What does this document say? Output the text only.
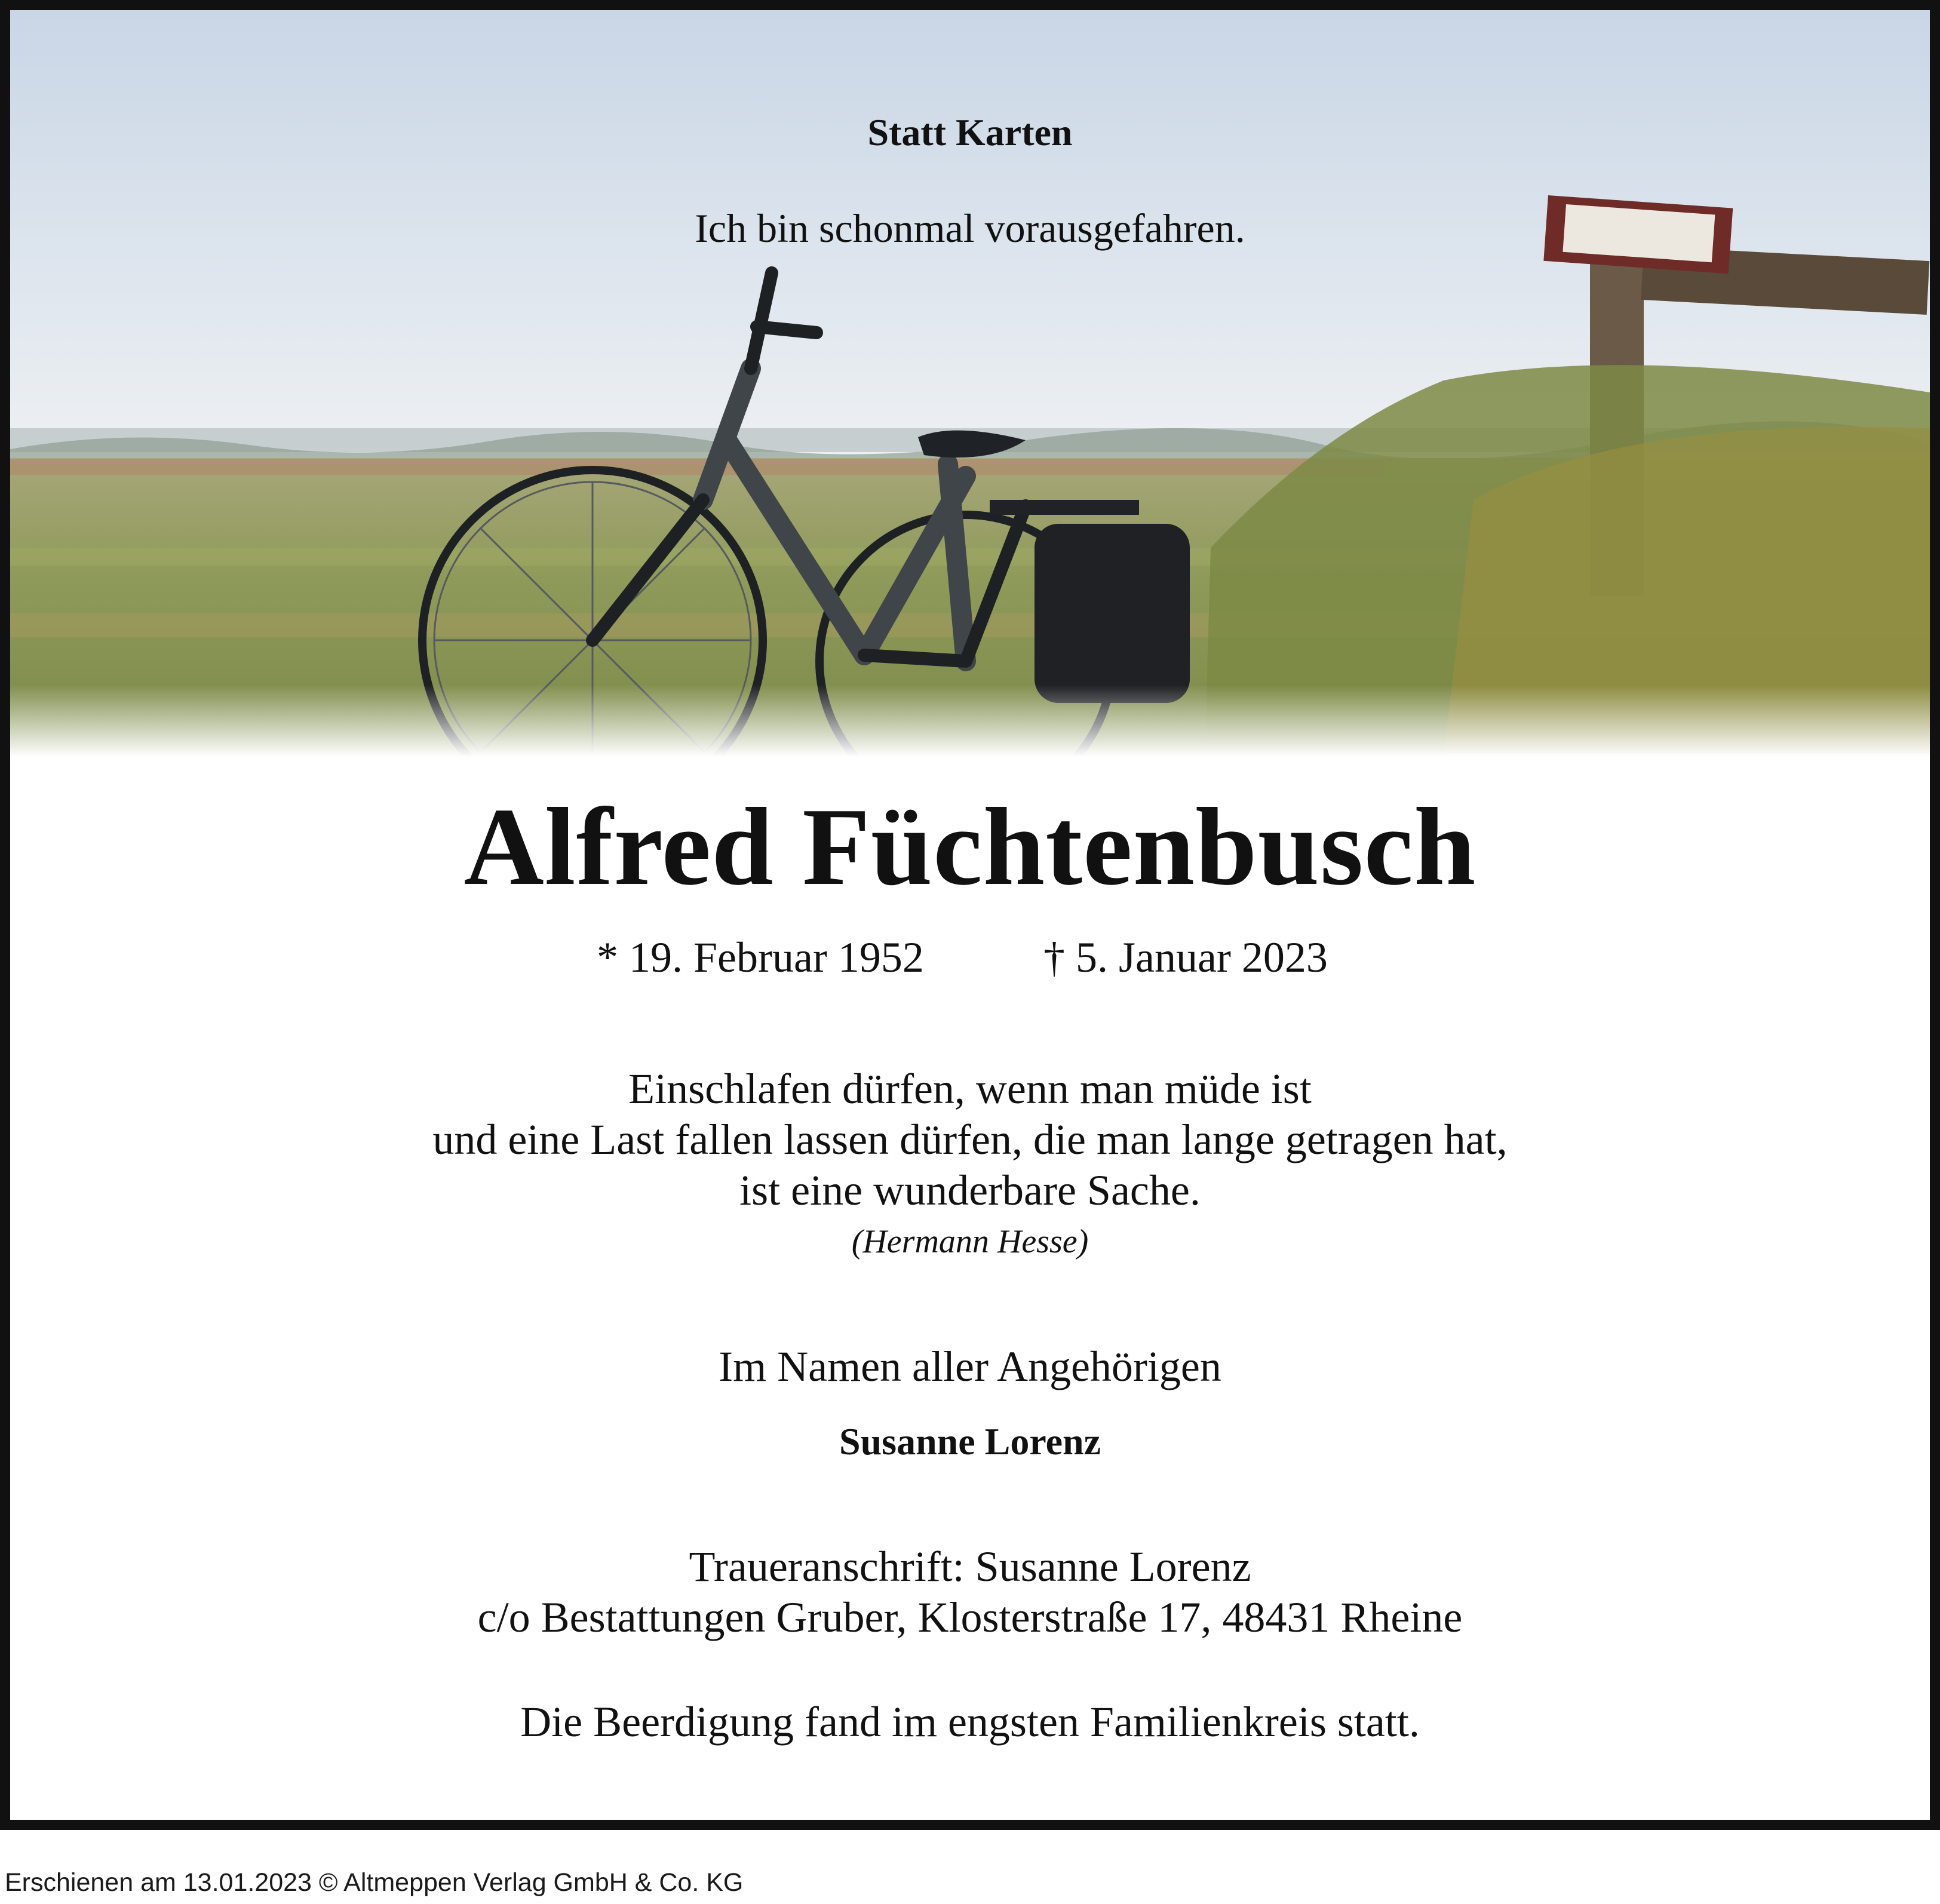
Statt Karten
Ich bin schonmal vorausgefahren.
Alfred Füchtenbusch
* 19. Februar 1952	† 5. Januar 2023
Einschlafen dürfen, wenn man müde ist
und eine Last fallen lassen dürfen, die man lange getragen hat,
ist eine wunderbare Sache.
(Hermann Hesse)
Im Namen aller Angehörigen
Susanne Lorenz
Traueranschrift: Susanne Lorenz
c/o Bestattungen Gruber, Klosterstraße 17, 48431 Rheine
Die Beerdigung fand im engsten Familienkreis statt.
Erschienen am 13.01.2023 © Altmeppen Verlag GmbH & Co. KG
